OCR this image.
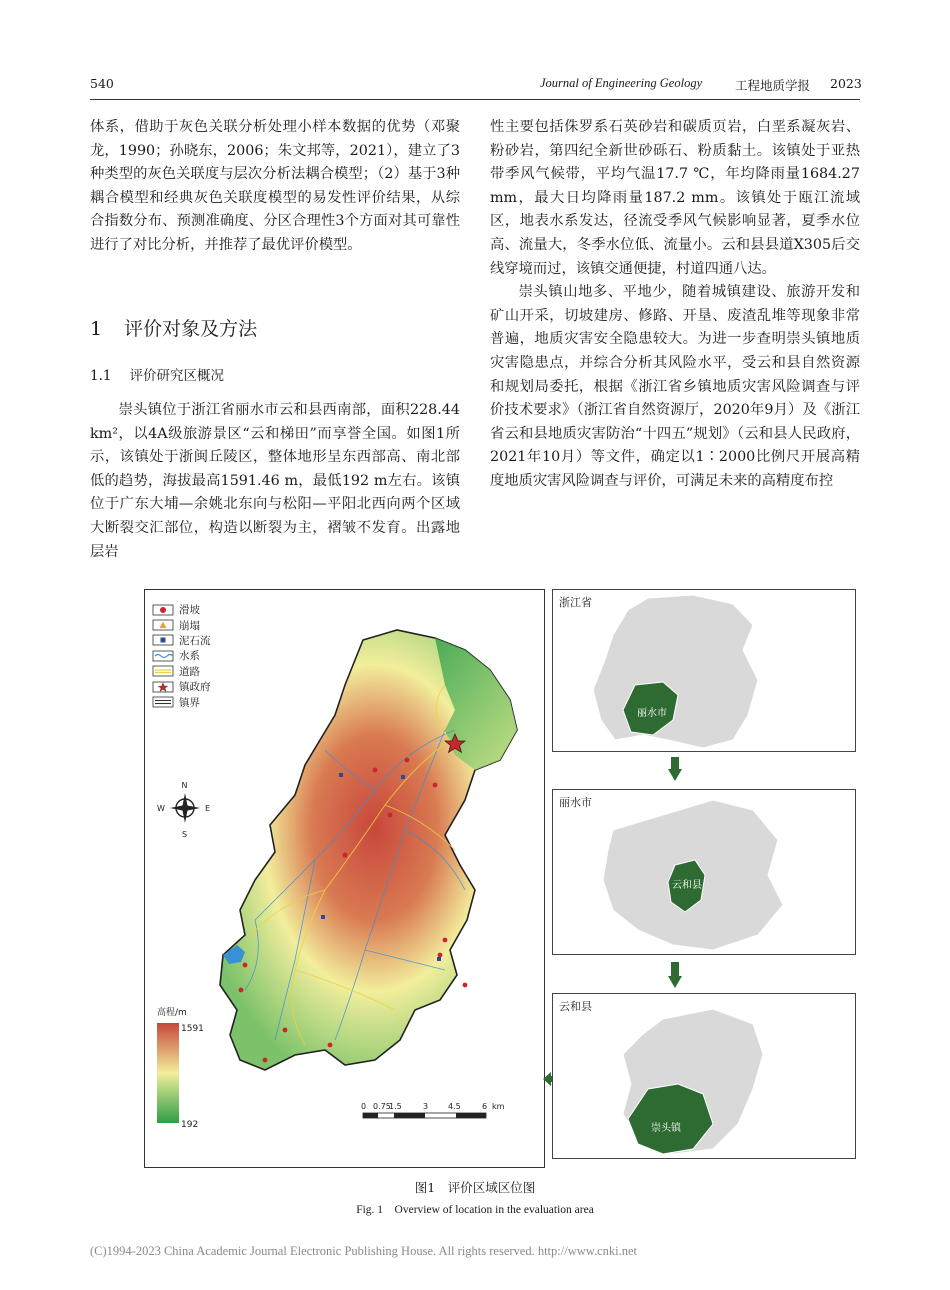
540	Journal of Engineering Geology	工程地质学报 2023

体系，借助于灰色关联分析处理小样本数据的优势（邓聚龙，1990；孙晓东，2006；朱文邦等，2021），建立了3种类型的灰色关联度与层次分析法耦合模型；（2）基于3种耦合模型和经典灰色关联度模型的易发性评价结果，从综合指数分布、预测准确度、分区合理性3个方面对其可靠性进行了对比分析，并推荐了最优评价模型。

1 评价对象及方法
1.1 评价研究区概况

崇头镇位于浙江省丽水市云和县西南部，面积228.44 km²，以4A级旅游景区“云和梯田”而享誉全国。如图1所示，该镇处于浙闽丘陵区，整体地形呈东西部高、南北部低的趋势，海拔最高1591.46 m，最低192 m左右。该镇位于广东大埔—余姚北东向与松阳—平阳北西向两个区域大断裂交汇部位，构造以断裂为主，褶皱不发育。出露地层岩

性主要包括侏罗系石英砂岩和碳质页岩，白垩系凝灰岩、粉砂岩，第四纪全新世砂砾石、粉质黏土。该镇处于亚热带季风气候带，平均气温17.7 ℃，年均降雨量1684.27 mm，最大日均降雨量187.2 mm。该镇处于瓯江流域区，地表水系发达，径流受季风气候影响显著，夏季水位高、流量大，冬季水位低、流量小。云和县县道X305后交线穿境而过，该镇交通便捷，村道四通八达。

崇头镇山地多、平地少，随着城镇建设、旅游开发和矿山开采，切坡建房、修路、开垦、废渣乱堆等现象非常普遍，地质灾害安全隐患较大。为进一步查明崇头镇地质灾害隐患点，并综合分析其风险水平，受云和县自然资源和规划局委托，根据《浙江省乡镇地质灾害风险调查与评价技术要求》（浙江省自然资源厅，2020年9月）及《浙江省云和县地质灾害防治“十四五”规划》（云和县人民政府，2021年10月）等文件，确定以1∶2000比例尺开展高精度地质灾害风险调查与评价，可满足未来的高精度布控

滑坡
崩塌
泥石流
水系
道路
镇政府
镇界
N
S
E
W
高程/m
1591
192
0 0.75
1.5	3 4.5	6 km
浙江省
丽水市
丽水市
云和县
云和县
崇头镇
图1　评价区域区位图
Fig. 1　Overview of location in the evaluation area
(C)1994-2023 China Academic Journal Electronic Publishing House. All rights reserved. http://www.cnki.net
